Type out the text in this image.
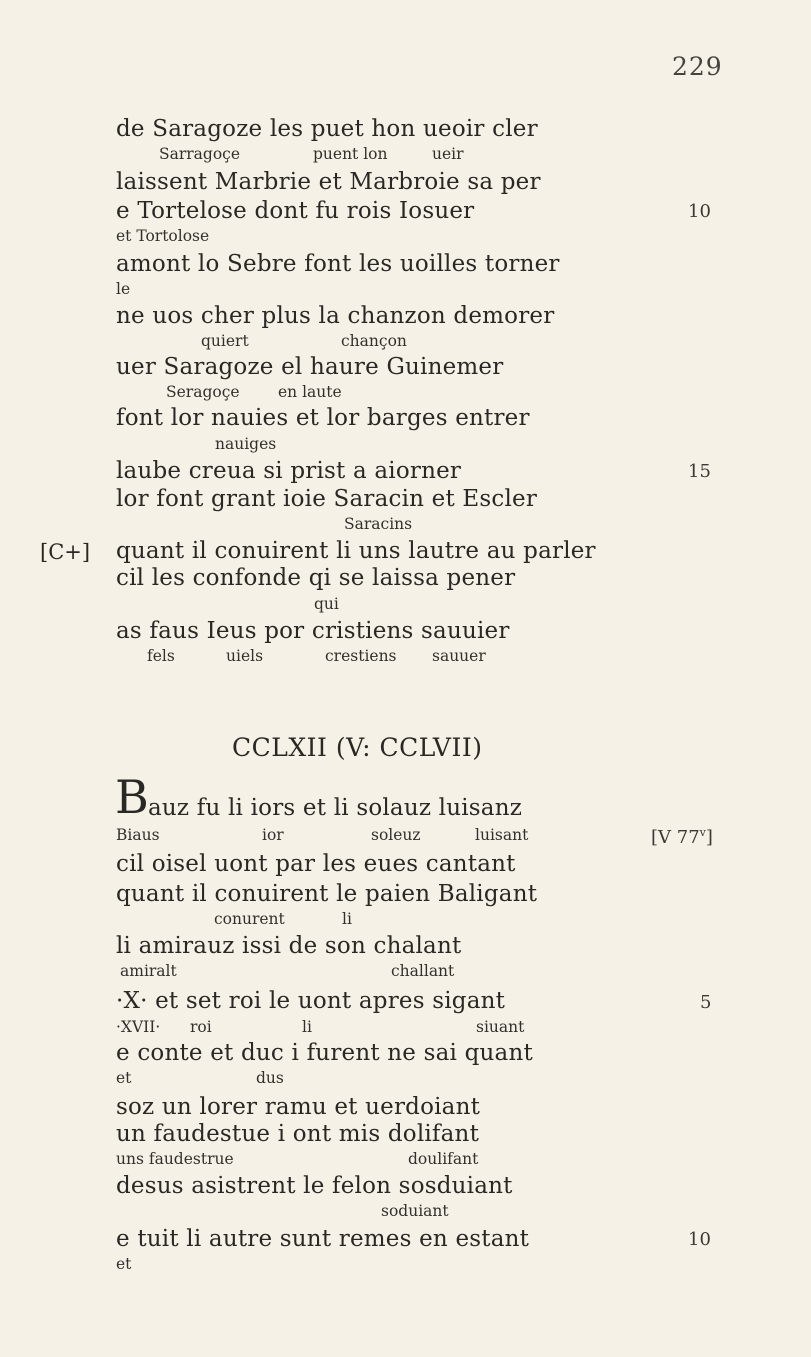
229
de Saragoze les puet hon ueoir cler
Sarragoçe	puent lon	ueir
laissent Marbrie et Marbroie sa per
e Tortelose dont fu rois Iosuer	10
et Tortolose
amont lo Sebre font les uoilles torner
le
ne uos cher plus la chanzon demorer
quiert	chançon
uer Saragoze el haure Guinemer
Seragoçe en laute
font lor nauies et lor barges entrer
nauiges
laube creua si prist a aiorner	15
lor font grant ioie Saracin et Escler
Saracins
[C+] quant il conuirent li uns lautre au parler
cil les confonde qi se laissa pener
qui
as faus Ieus por cristiens sauuier
fels	uiels	crestiens sauuer
CCLXII (V: CCLVII)
B auz fu li iors et li solauz luisanz
Biaus	ior	soleuz	luisant	[V 77$^v$]
cil oisel uont par les eues cantant
quant il conuirent le paien Baligant
conurent	li
li amirauz issi de son chalant
amiralt	challant
·X· et set roi le uont apres sigant	5
·XVII· roi	li	siuant
e conte et duc i furent ne sai quant
et	dus
soz un lorer ramu et uerdoiant
un faudestue i ont mis dolifant
uns faudestrue	doulifant
desus asistrent le felon sosduiant
soduiant
e tuit li autre sunt remes en estant	10
et
